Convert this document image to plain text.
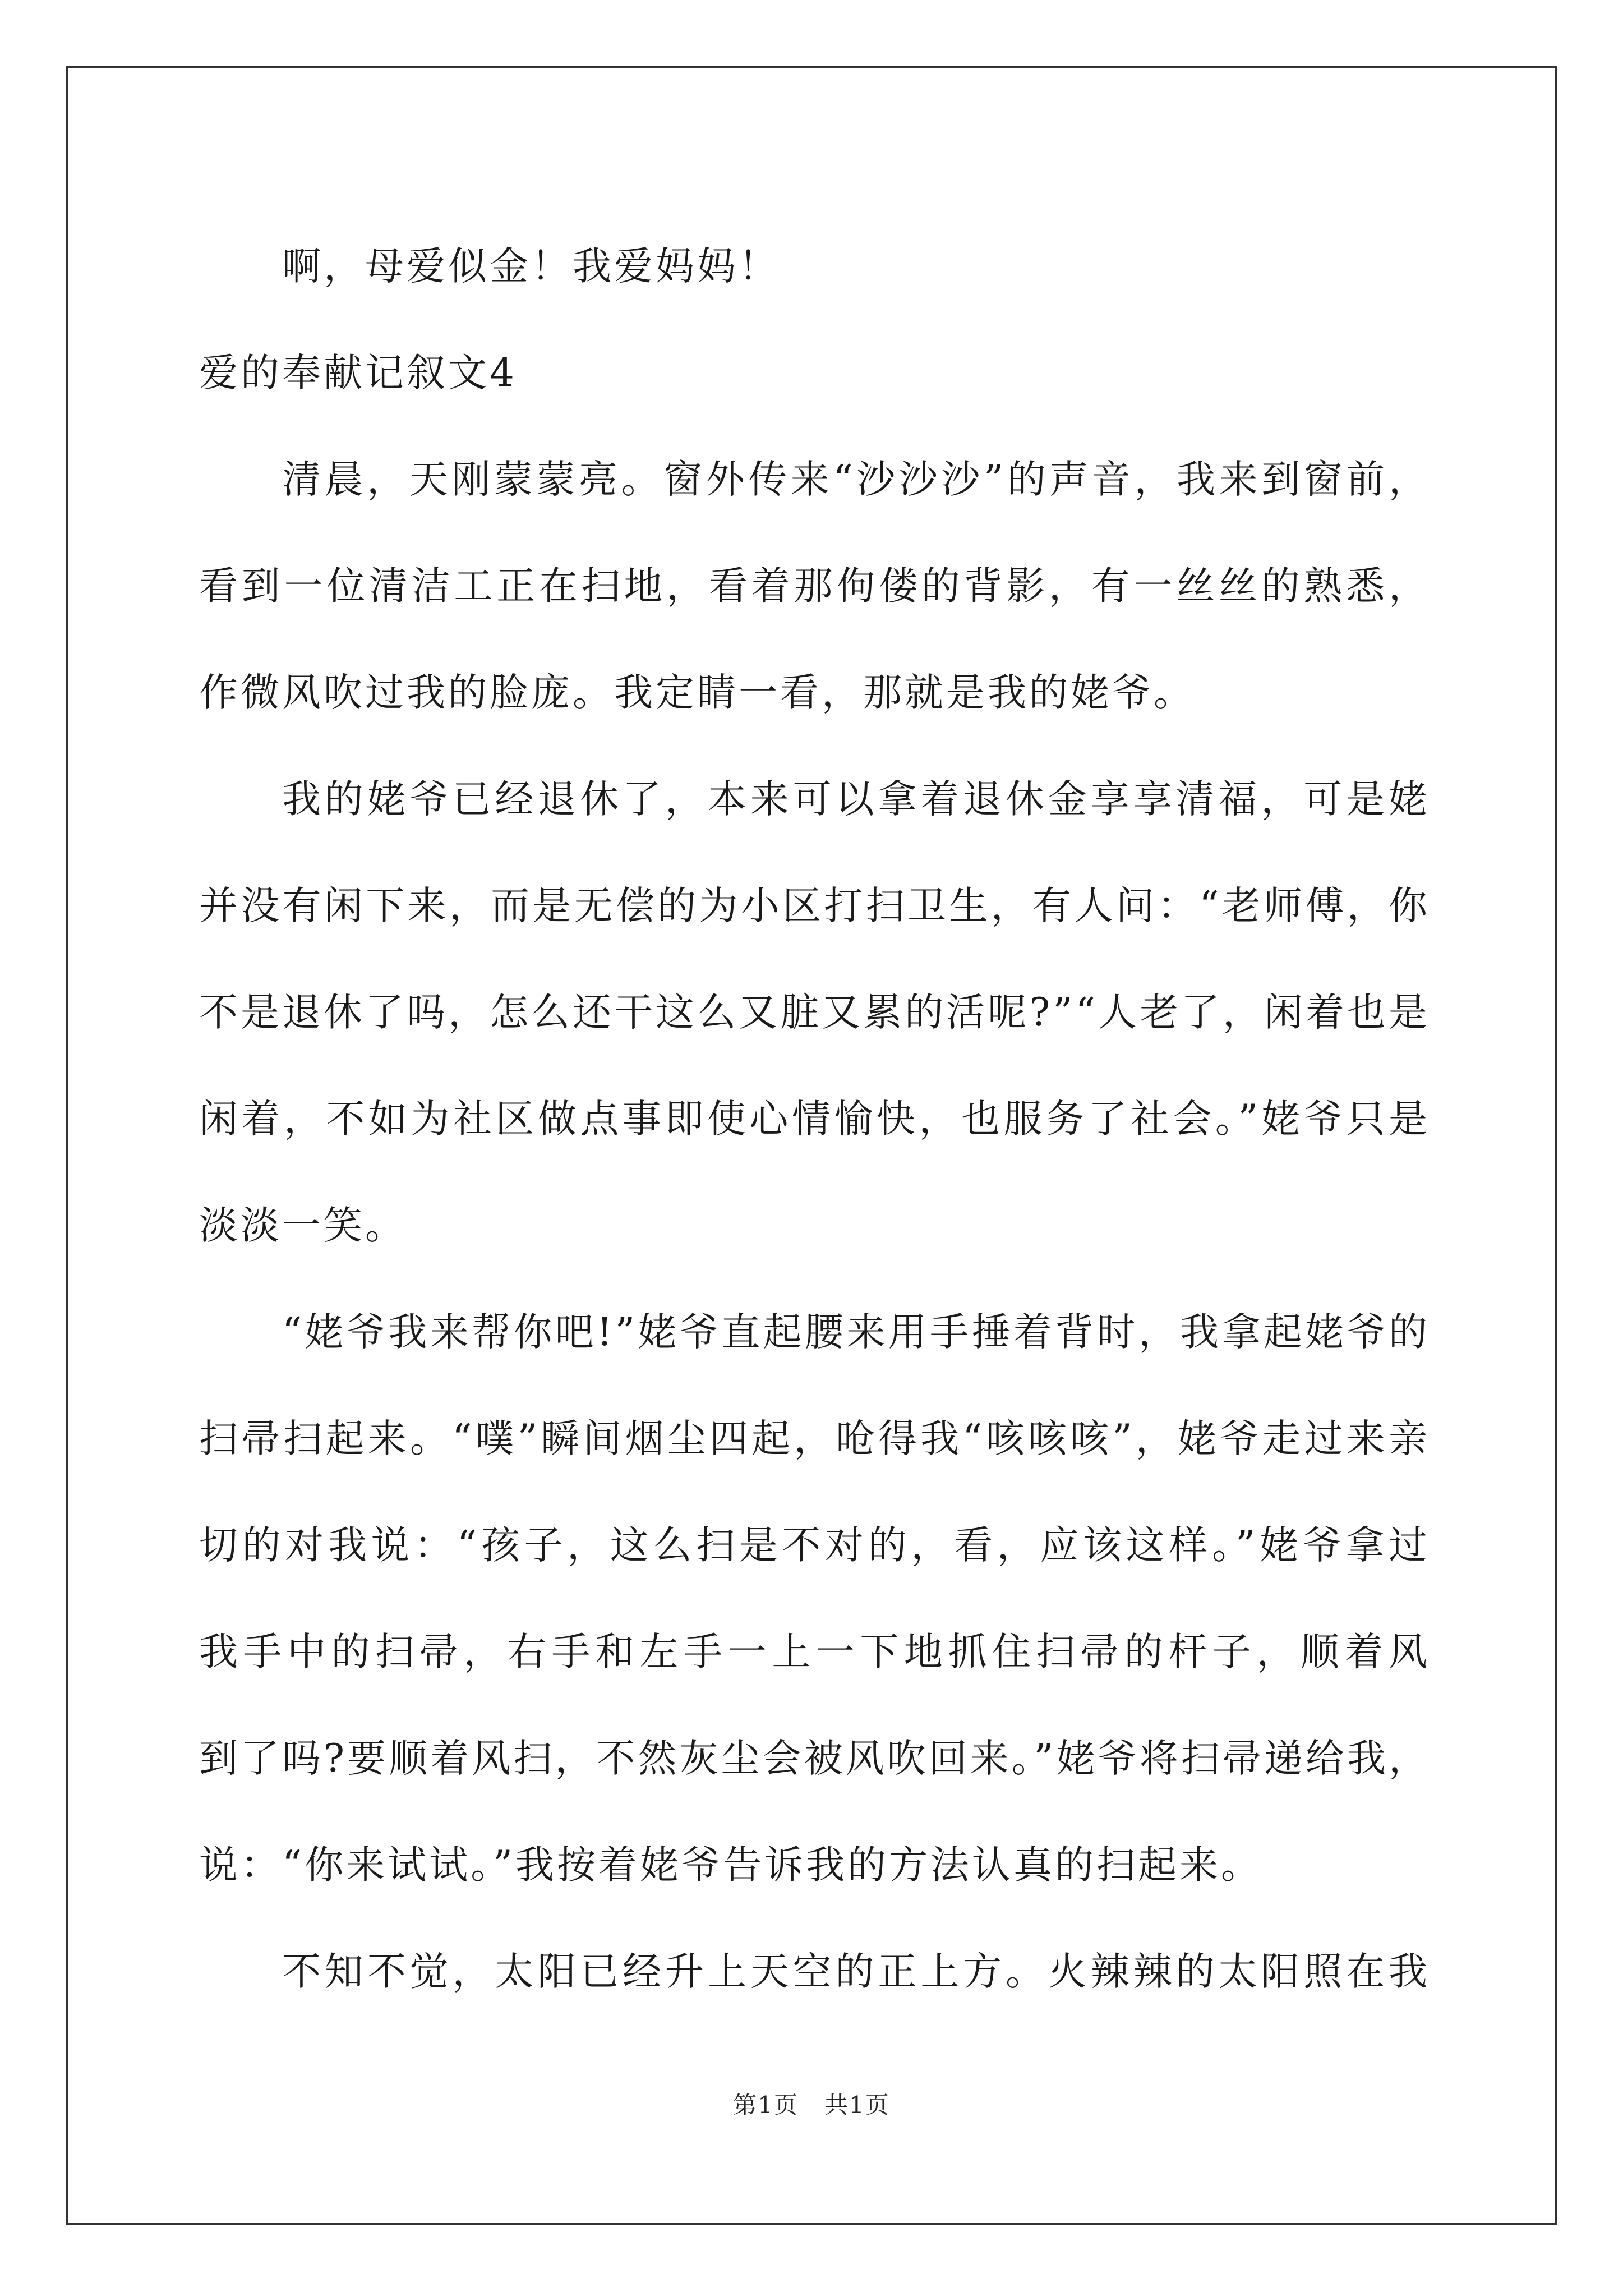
啊，母爱似金！我爱妈妈！
爱的奉献记叙文4
清晨，天刚蒙蒙亮。窗外传来“沙沙沙”的声音，我来到窗前，
看到一位清洁工正在扫地，看着那佝偻的背影，有一丝丝的熟悉，
作微风吹过我的脸庞。我定睛一看，那就是我的姥爷。
我的姥爷已经退休了，本来可以拿着退休金享享清福，可是姥
并没有闲下来，而是无偿的为小区打扫卫生，有人问：“老师傅，你
不是退休了吗，怎么还干这么又脏又累的活呢?”“人老了，闲着也是
闲着，不如为社区做点事即使心情愉快，也服务了社会。”姥爷只是
淡淡一笑。
“姥爷我来帮你吧!”姥爷直起腰来用手捶着背时，我拿起姥爷的
扫帚扫起来。“噗”瞬间烟尘四起，呛得我“咳咳咳”，姥爷走过来亲
切的对我说：“孩子，这么扫是不对的，看，应该这样。”姥爷拿过
我手中的扫帚，右手和左手一上一下地抓住扫帚的杆子，顺着风
到了吗?要顺着风扫，不然灰尘会被风吹回来。”姥爷将扫帚递给我，
说：“你来试试。”我按着姥爷告诉我的方法认真的扫起来。
不知不觉，太阳已经升上天空的正上方。火辣辣的太阳照在我
第1页 共1页
